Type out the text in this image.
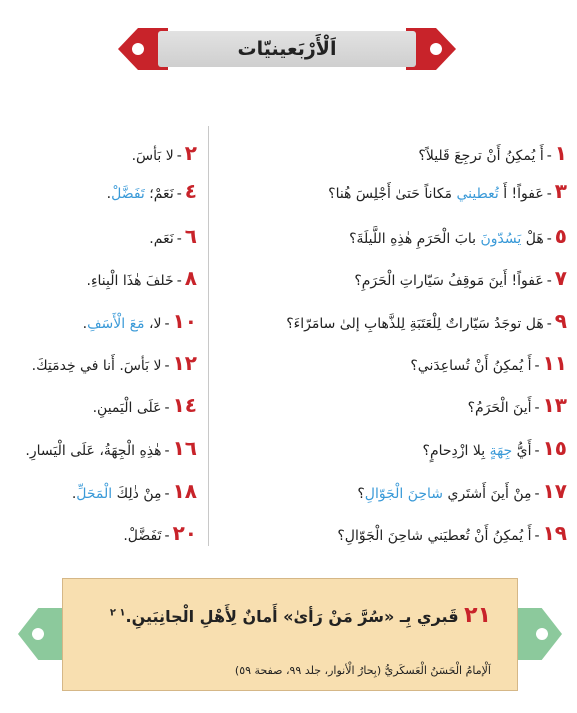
اَلْأَرْبَعينيّات
١-أَ يُمكِنُ أَنْ ترجِعَ قَليلاً؟
٣-عَفواً! أَ تُعطيني مَكاناً حَتىٰ أَجْلِسَ هُنا؟
٥-هَلْ يَسُدّونَ بابَ الْحَرَمِ هٰذِهِ اللَّيلَةَ؟
٧-عَفواً! أَينَ مَوقِفُ سَيّاراتِ الْحَرَمِ؟
٩-هَل توجَدُ سَيّاراتٌ لِلْعَتَبَةِ لِلذَّهابِ إلىٰ سامَرّاءَ؟
١١-أَ يُمكِنُ أَنْ تُساعِدَني؟
١٣-أَينَ الْحَرَمُ؟
١٥-أَيُّ جِهَةٍ بِلا ازْدِحامٍ؟
١٧-مِنْ أَينَ أَشتَري شاحِنَ الْجَوّالِ؟
١٩-أَ يُمكِنُ أَنْ تُعطيَني شاحِنَ الْجَوّالِ؟
٢-لا بَأسَ.
٤-نَعَمْ؛ تَفَضَّلْ.
٦-نَعَم.
٨-خَلفَ هٰذَا الْبِناءِ.
١٠-لا، مَعَ الْأَسَفِ.
١٢-لا بَأسَ. أَنا في خِدمَتِكَ.
١٤-عَلَى الْيَمينِ.
١٦-هٰذِهِ الْجِهَةُ، عَلَى الْيَسارِ.
١٨-مِنْ ذٰلِكَ الْمَحَلِّ.
٢٠-تَفَضَّلْ.
٢١ قَبري بِـ «سُرَّ مَنْ رَأىٰ» أَمانٌ لِأَهْلِ الْجانِبَينِ.$^{١ ٢}$
اَلْإمامُ الْحَسَنُ الْعَسكَريُّ (بِحارُ الْأنوار، جلد ٩٩، صفحة ٥٩)
